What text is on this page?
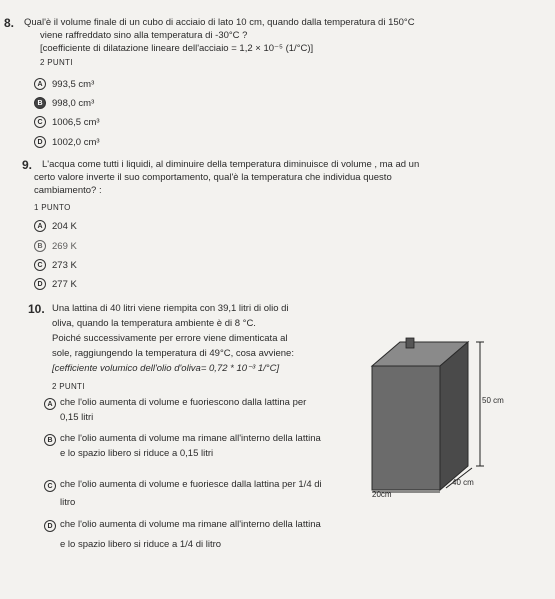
8. Qual'è il volume finale di un cubo di acciaio di lato 10 cm, quando dalla temperatura di 150°C
viene raffreddato sino alla temperatura di -30°C ?
[coefficiente di dilatazione lineare dell'acciaio = 1,2 × 10⁻⁵ (1/°C)]
2 PUNTI
A 993,5 cm³
B 998,0 cm³
C 1006,5 cm³
D 1002,0 cm³
9. L'acqua come tutti i liquidi, al diminuire della temperatura diminuisce di volume , ma ad un
certo valore inverte il suo comportamento, qual'è la temperatura che individua questo
cambiamento? :
1 PUNTO
A 204 K
B 269 K
C 273 K
D 277 K
10. Una lattina di 40 litri viene riempita con 39,1 litri di olio di
oliva, quando la temperatura ambiente è di 8 °C.
Poiché successivamente per errore viene dimenticata al
sole, raggiungendo la temperatura di 49°C, cosa avviene:
[cefficiente volumico dell'olio d'oliva= 0,72 * 10⁻³ 1/°C]
2 PUNTI
A che l'olio aumenta di volume e fuoriescono dalla lattina per
0,15 litri
B che l'olio aumenta di volume ma rimane all'interno della lattina
e lo spazio libero si riduce a 0,15 litri
C che l'olio aumenta di volume e fuoriesce dalla lattina per 1/4 di
litro
D che l'olio aumenta di volume ma rimane all'interno della lattina
e lo spazio libero si riduce a 1/4 di litro
50 cm
40 cm
20cm
